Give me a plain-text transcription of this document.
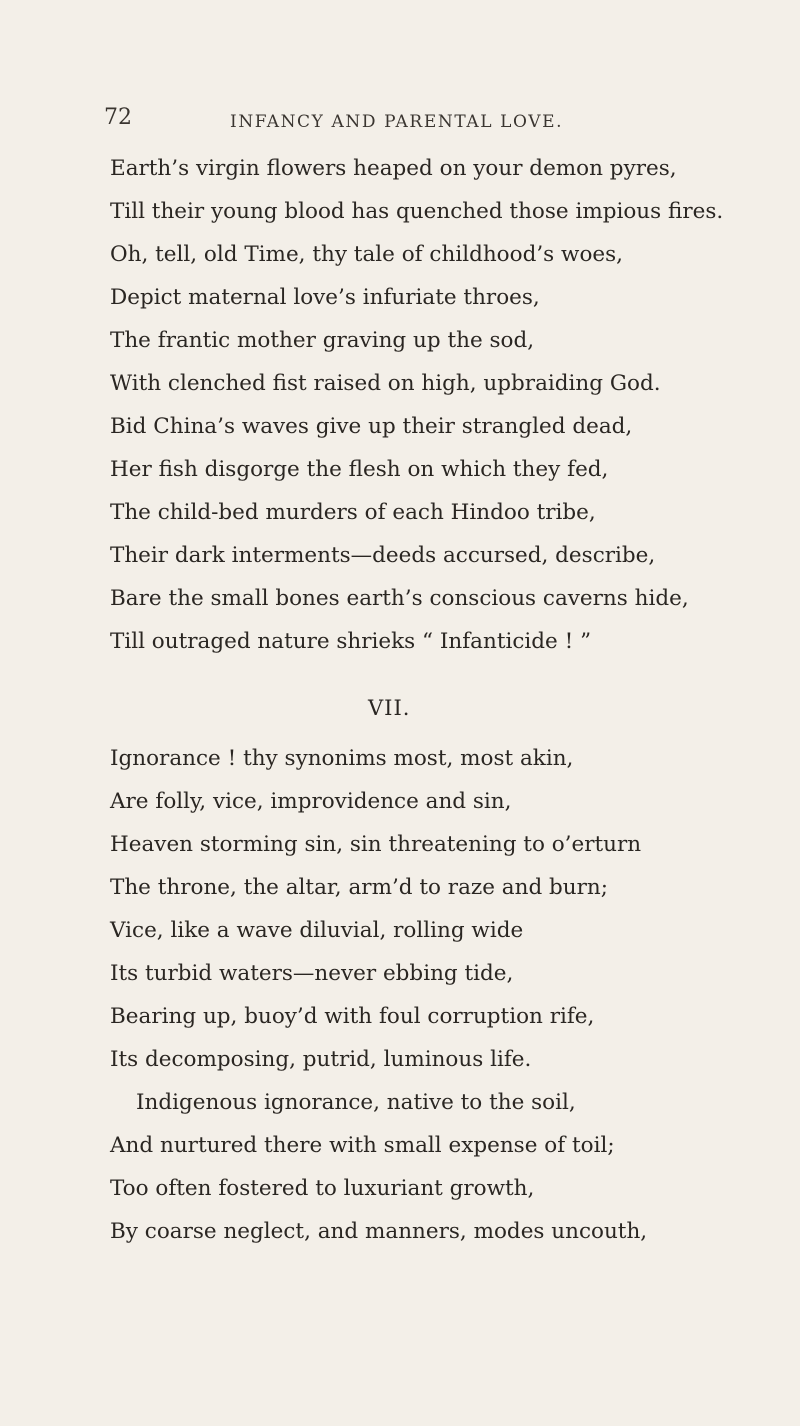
72	INFANCY AND PARENTAL LOVE.
Earth’s virgin flowers heaped on your demon pyres,
Till their young blood has quenched those impious fires.
Oh, tell, old Time, thy tale of childhood’s woes,
Depict maternal love’s infuriate throes,
The frantic mother graving up the sod,
With clenched fist raised on high, upbraiding God.
Bid China’s waves give up their strangled dead,
Her fish disgorge the flesh on which they fed,
The child-bed murders of each Hindoo tribe,
Their dark interments—deeds accursed, describe,
Bare the small bones earth’s conscious caverns hide,
Till outraged nature shrieks “ Infanticide ! ”
VII.
Ignorance ! thy synonims most, most akin,
Are folly, vice, improvidence and sin,
Heaven storming sin, sin threatening to o’erturn
The throne, the altar, arm’d to raze and burn;
Vice, like a wave diluvial, rolling wide
Its turbid waters—never ebbing tide,
Bearing up, buoy’d with foul corruption rife,
Its decomposing, putrid, luminous life.
Indigenous ignorance, native to the soil,
And nurtured there with small expense of toil;
Too often fostered to luxuriant growth,
By coarse neglect, and manners, modes uncouth,
